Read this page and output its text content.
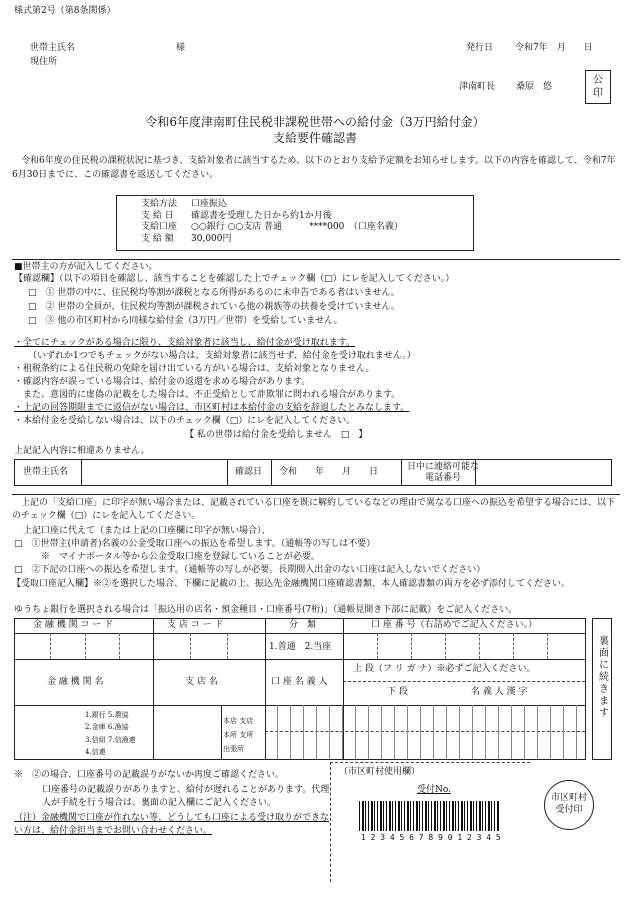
様式第2号（第8条関係）
世帯主氏名	様
現住所
発行日 令和7年　月　　日
津南町長 桑原　悠
公
印
令和6年度津南町住民税非課税世帯への給付金（3万円給付金）
支給要件確認書
　令和6年度の住民税の課税状況に基づき、支給対象者に該当するため、以下のとおり支給予定額をお知らせします。以下の内容を確認して、令和7年6月30日までに、この確認書を返送してください。
支給方法 口座振込
支 給 日 確認書を受理した日から約1か月後
支給口座 ○○銀行 ○○支店 普通　　　****000　（口座名義）
支 給 額 30,000円
■世帯主の方が記入してください。
【確認欄】（以下の項目を確認し、該当することを確認した上でチェック欄（□）にレを記入してください。）
□　① 世帯の中に、住民税均等割が課税となる所得があるのに未申告である者はいません。
□　② 世帯の全員が、住民税均等割が課税されている他の親族等の扶養を受けていません。
□　③ 他の市区町村から同様な給付金（3万円／世帯）を受給していません。
・全てにチェックがある場合に限り、支給対象者に該当し、給付金が受け取れます。
（いずれか1つでもチェックがない場合は、支給対象者に該当せず、給付金を受け取れません。）
・租税条約による住民税の免除を届け出ている方がいる場合は、支給対象となりません。
・確認内容が誤っている場合は、給付金の返還を求める場合があります。
　また、意図的に虚偽の記載をした場合は、不正受給として詐欺罪に問われる場合があります。
・上記の回答期限までに返信がない場合は、市区町村は本給付金の支給を辞退したとみなします。
・本給付金を受給しない場合は、以下のチェック欄（□）にレを記入してください。
【 私の世帯は給付金を受給しません　□　】
上記記入内容に相違ありません。
世帯主氏名	確認日 令和　　年　　月　　日	日中に連絡可能な
電話番号
　上記の「支給口座」に印字が無い場合または、記載されている口座を既に解約しているなどの理由で異なる口座への振込を希望する場合には、以下のチェック欄（□）にレを記入してください。
　上記口座に代えて（または上記の口座欄に印字が無い場合）、
□　①世帯主(申請者)名義の公金受取口座への振込を希望します。（通帳等の写しは不要）
　　　※　マイナポータル等から公金受取口座を登録していることが必要。
□　②下記の口座への振込を希望します。（通帳等の写しが必要。長期間入出金のない口座は記入しないでください）
【受取口座記入欄】※②を選択した場合、下欄に記載の上、振込先金融機関口座確認書類、本人確認書類の両方を必ず添付してください。
ゆうちょ銀行を選択される場合は「振込用の店名・預金種目・口座番号(7桁)」（通帳見開き下部に記載）をご記入ください。
金 融 機 関 コ ー ド	支 店 コ ー ド	分　類	口 座 番 号（右詰めでご記入ください。）
1.普通　2.当座
金 融 機 関 名	支 店 名	口 座 名 義 人
上 段（フ リ ガ ナ）※必ずご記入ください。
下 段	名 義 人 漢 字
1.銀行 5.農協
2.金庫 6.漁協
3.信組 7.信漁連
4.信連
本店 支店
本所 支所
出張所
裏面に続きます
※　②の場合、口座番号の記載誤りがないか再度ご確認ください。
口座番号の記載誤りがありますと、給付が遅れることがあります。代理人が手続を行う場合は、裏面の記入欄にご記入ください。
（注）金融機関で口座が作れない等、どうしても口座による受け取りができない方は、給付金担当までお問い合わせください。
（市区町村使用欄）
受付No.
1 2 3 4 5 6 7 8 9 0 1 2 3 4 5
市区町村
受付印
